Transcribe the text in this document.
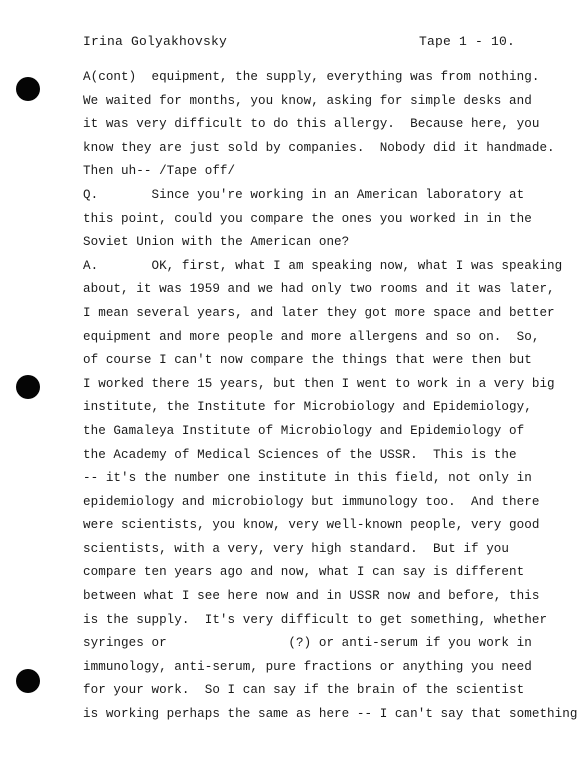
Irina Golyakhovsky	Tape 1 - 10.
A(cont)  equipment, the supply, everything was from nothing.
We waited for months, you know, asking for simple desks and
it was very difficult to do this allergy.  Because here, you
know they are just sold by companies.  Nobody did it handmade.
Then uh-- /Tape off/
Q.       Since you're working in an American laboratory at
this point, could you compare the ones you worked in in the
Soviet Union with the American one?
A.       OK, first, what I am speaking now, what I was speaking
about, it was 1959 and we had only two rooms and it was later,
I mean several years, and later they got more space and better
equipment and more people and more allergens and so on.  So,
of course I can't now compare the things that were then but
I worked there 15 years, but then I went to work in a very big
institute, the Institute for Microbiology and Epidemiology,
the Gamaleya Institute of Microbiology and Epidemiology of
the Academy of Medical Sciences of the USSR.  This is the
-- it's the number one institute in this field, not only in
epidemiology and microbiology but immunology too.  And there
were scientists, you know, very well-known people, very good
scientists, with a very, very high standard.  But if you
compare ten years ago and now, what I can say is different
between what I see here now and in USSR now and before, this
is the supply.  It's very difficult to get something, whether
syringes or                (?) or anti-serum if you work in
immunology, anti-serum, pure fractions or anything you need
for your work.  So I can say if the brain of the scientist
is working perhaps the same as here -- I can't say that something
